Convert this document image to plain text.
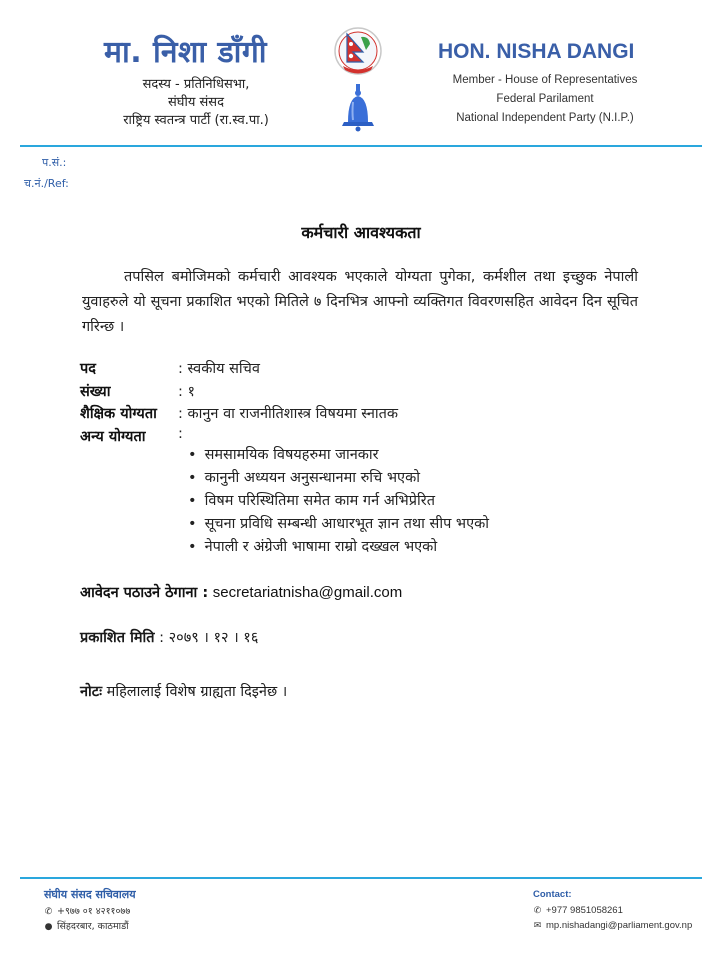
मा. निशा डाँगी
सदस्य - प्रतिनिधिसभा,
संघीय संसद
राष्ट्रिय स्वतन्त्र पार्टी (रा.स्व.पा.)
HON. NISHA DANGI
Member - House of Representatives
Federal Parilament
National Independent Party (N.I.P.)
प.सं.:
च.नं./Ref:
कर्मचारी आवश्यकता
तपसिल बमोजिमको कर्मचारी आवश्यक भएकाले योग्यता पुगेका, कर्मशील तथा इच्छुक नेपाली युवाहरुले यो सूचना प्रकाशित भएको मितिले ७ दिनभित्र आफ्नो व्यक्तिगत विवरणसहित आवेदन दिन सूचित गरिन्छ ।
पद	: स्वकीय सचिव
संख्या	: १
शैक्षिक योग्यता : कानुन वा राजनीतिशास्त्र विषयमा स्नातक
अन्य योग्यता :
• समसामयिक विषयहरुमा जानकार
• कानुनी अध्ययन अनुसन्धानमा रुचि भएको
• विषम परिस्थितिमा समेत काम गर्न अभिप्रेरित
• सूचना प्रविधि सम्बन्धी आधारभूत ज्ञान तथा सीप भएको
• नेपाली र अंग्रेजी भाषामा राम्रो दख्खल भएको
आवेदन पठाउने ठेगाना : secretariatnisha@gmail.com
प्रकाशित मिति : २०७९ । १२ । १६
नोटः महिलालाई विशेष ग्राह्यता दिइनेछ ।
संघीय संसद सचिवालय
✆ +९७७ ०१ ४२११०७७
● सिंहदरबार, काठमाडौं
Contact:
✆ +977 9851058261
✉ mp.nishadangi@parliament.gov.np
